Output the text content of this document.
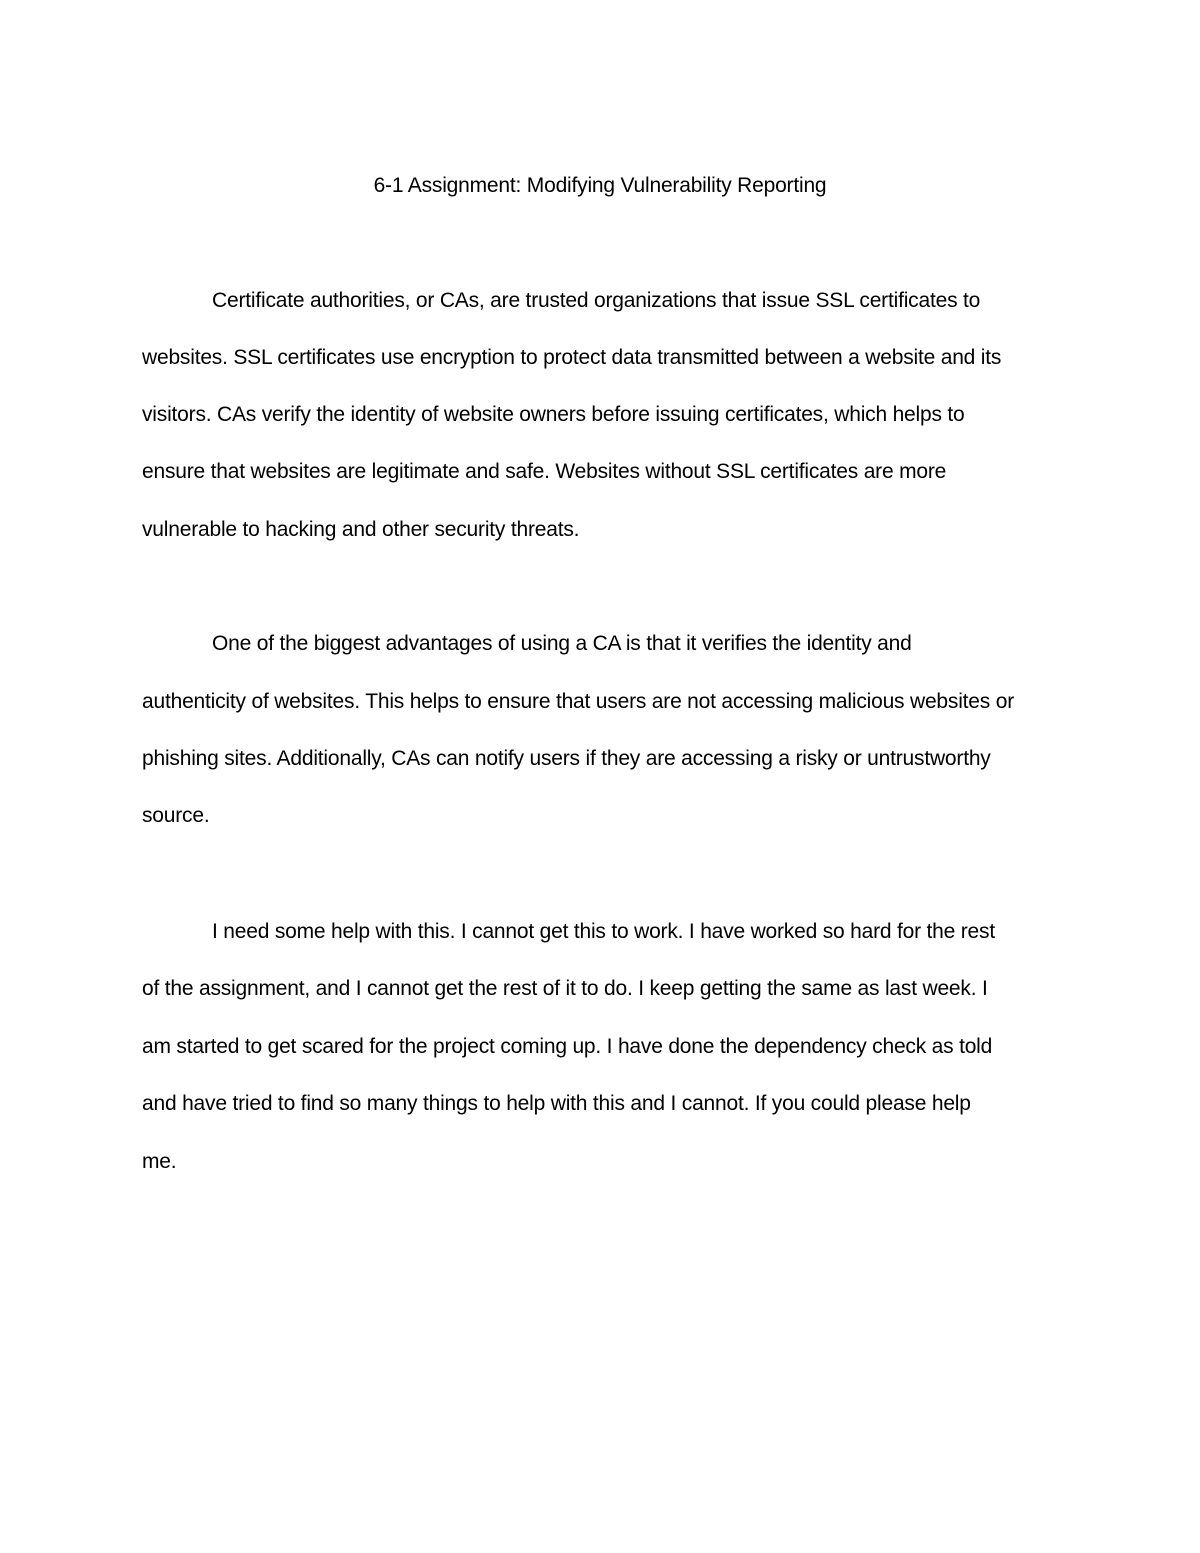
6-1 Assignment: Modifying Vulnerability Reporting
Certificate authorities, or CAs, are trusted organizations that issue SSL certificates to
websites. SSL certificates use encryption to protect data transmitted between a website and its
visitors. CAs verify the identity of website owners before issuing certificates, which helps to
ensure that websites are legitimate and safe. Websites without SSL certificates are more
vulnerable to hacking and other security threats.
One of the biggest advantages of using a CA is that it verifies the identity and
authenticity of websites. This helps to ensure that users are not accessing malicious websites or
phishing sites. Additionally, CAs can notify users if they are accessing a risky or untrustworthy
source.
I need some help with this. I cannot get this to work. I have worked so hard for the rest
of the assignment, and I cannot get the rest of it to do. I keep getting the same as last week. I
am started to get scared for the project coming up. I have done the dependency check as told
and have tried to find so many things to help with this and I cannot. If you could please help
me.
